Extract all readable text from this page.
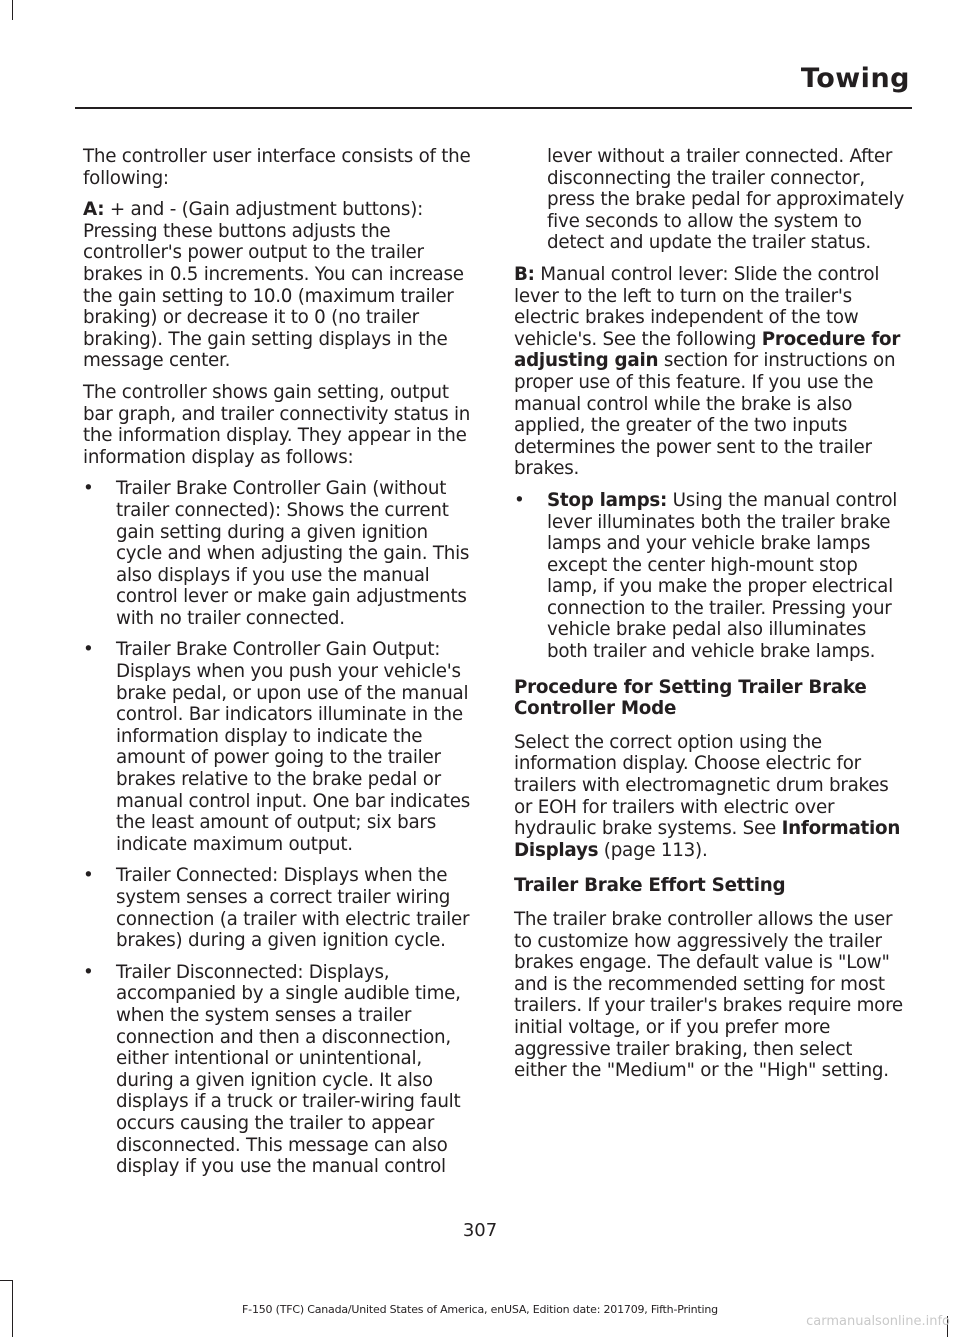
Towing

The controller user interface consists of the following:

A: + and - (Gain adjustment buttons): Pressing these buttons adjusts the controller's power output to the trailer brakes in 0.5 increments. You can increase the gain setting to 10.0 (maximum trailer braking) or decrease it to 0 (no trailer braking). The gain setting displays in the message center.

The controller shows gain setting, output bar graph, and trailer connectivity status in the information display. They appear in the information display as follows:

• Trailer Brake Controller Gain (without trailer connected): Shows the current gain setting during a given ignition cycle and when adjusting the gain. This also displays if you use the manual control lever or make gain adjustments with no trailer connected.
• Trailer Brake Controller Gain Output: Displays when you push your vehicle's brake pedal, or upon use of the manual control. Bar indicators illuminate in the information display to indicate the amount of power going to the trailer brakes relative to the brake pedal or manual control input. One bar indicates the least amount of output; six bars indicate maximum output.
• Trailer Connected: Displays when the system senses a correct trailer wiring connection (a trailer with electric trailer brakes) during a given ignition cycle.
• Trailer Disconnected: Displays, accompanied by a single audible time, when the system senses a trailer connection and then a disconnection, either intentional or unintentional, during a given ignition cycle. It also displays if a truck or trailer-wiring fault occurs causing the trailer to appear disconnected. This message can also display if you use the manual control

lever without a trailer connected. After disconnecting the trailer connector, press the brake pedal for approximately five seconds to allow the system to detect and update the trailer status.

B: Manual control lever: Slide the control lever to the left to turn on the trailer's electric brakes independent of the tow vehicle's. See the following Procedure for adjusting gain section for instructions on proper use of this feature. If you use the manual control while the brake is also applied, the greater of the two inputs determines the power sent to the trailer brakes.

• Stop lamps: Using the manual control lever illuminates both the trailer brake lamps and your vehicle brake lamps except the center high-mount stop lamp, if you make the proper electrical connection to the trailer. Pressing your vehicle brake pedal also illuminates both trailer and vehicle brake lamps.

Procedure for Setting Trailer Brake Controller Mode

Select the correct option using the information display. Choose electric for trailers with electromagnetic drum brakes or EOH for trailers with electric over hydraulic brake systems. See Information Displays (page 113).

Trailer Brake Effort Setting

The trailer brake controller allows the user to customize how aggressively the trailer brakes engage. The default value is "Low" and is the recommended setting for most trailers. If your trailer's brakes require more initial voltage, or if you prefer more aggressive trailer braking, then select either the "Medium" or the "High" setting.

307
F-150 (TFC) Canada/United States of America, enUSA, Edition date: 201709, Fifth-Printing
carmanualsonline.info
